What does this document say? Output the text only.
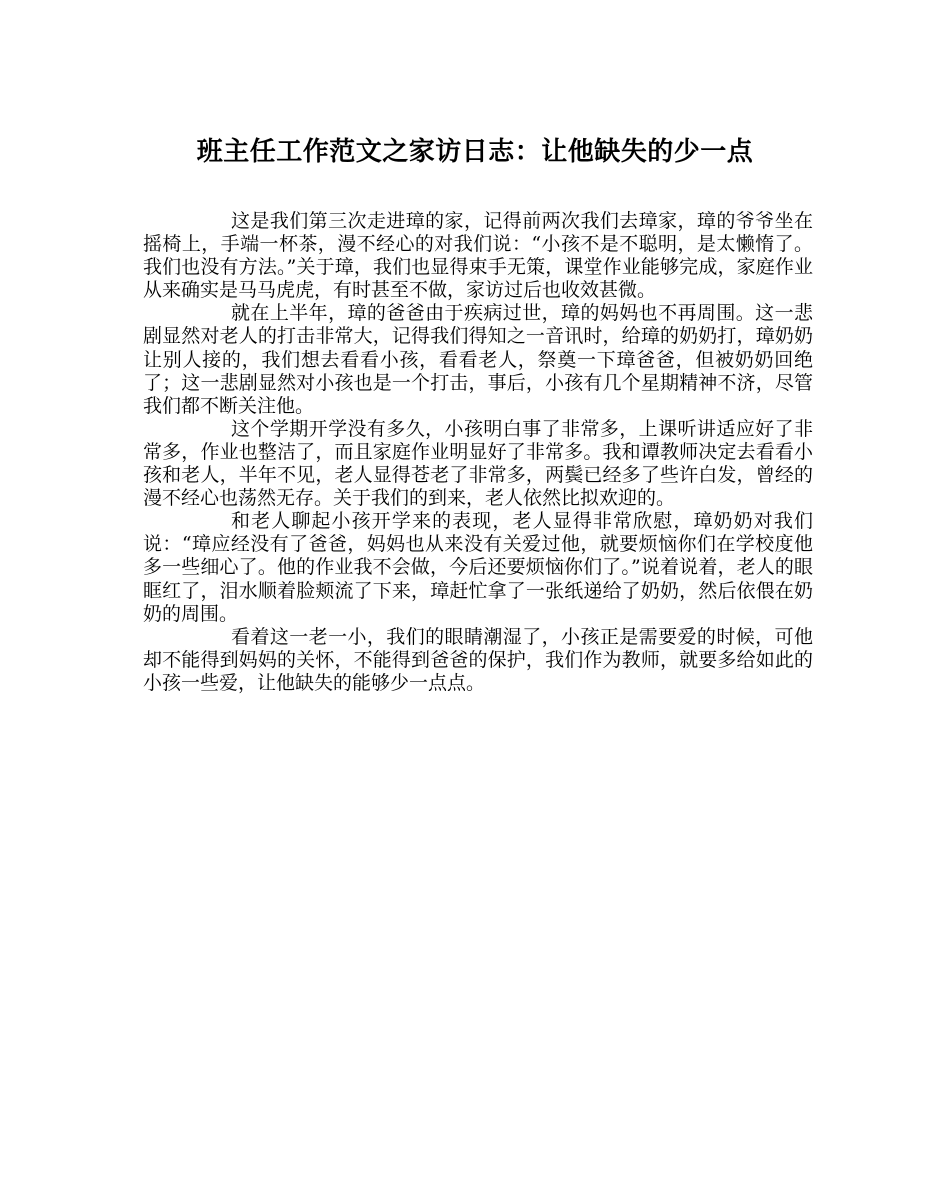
班主任工作范文之家访日志：让他缺失的少一点

这是我们第三次走进璋的家，记得前两次我们去璋家，璋的爷爷坐在摇椅上，手端一杯茶，漫不经心的对我们说：“小孩不是不聪明，是太懒惰了。我们也没有方法。”关于璋，我们也显得束手无策，课堂作业能够完成，家庭作业从来确实是马马虎虎，有时甚至不做，家访过后也收效甚微。

就在上半年，璋的爸爸由于疾病过世，璋的妈妈也不再周围。这一悲剧显然对老人的打击非常大，记得我们得知之一音讯时，给璋的奶奶打，璋奶奶让别人接的，我们想去看看小孩，看看老人，祭奠一下璋爸爸，但被奶奶回绝了；这一悲剧显然对小孩也是一个打击，事后，小孩有几个星期精神不济，尽管我们都不断关注他。

这个学期开学没有多久，小孩明白事了非常多，上课听讲适应好了非常多，作业也整洁了，而且家庭作业明显好了非常多。我和谭教师决定去看看小孩和老人，半年不见，老人显得苍老了非常多，两鬓已经多了些许白发，曾经的漫不经心也荡然无存。关于我们的到来，老人依然比拟欢迎的。

和老人聊起小孩开学来的表现，老人显得非常欣慰，璋奶奶对我们说：“璋应经没有了爸爸，妈妈也从来没有关爱过他，就要烦恼你们在学校度他多一些细心了。他的作业我不会做，今后还要烦恼你们了。”说着说着，老人的眼眶红了，泪水顺着脸颊流了下来，璋赶忙拿了一张纸递给了奶奶，然后依偎在奶奶的周围。

看着这一老一小，我们的眼睛潮湿了，小孩正是需要爱的时候，可他却不能得到妈妈的关怀，不能得到爸爸的保护，我们作为教师，就要多给如此的小孩一些爱，让他缺失的能够少一点点。
